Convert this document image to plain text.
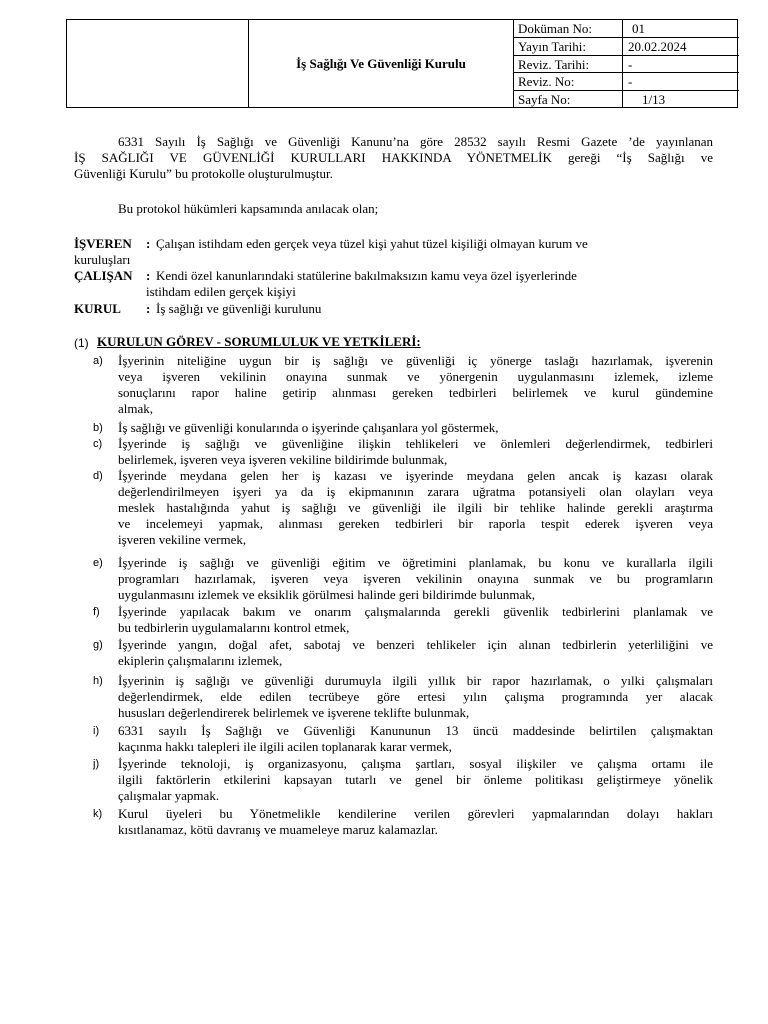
İş Sağlığı Ve Güvenliği Kurulu
Doküman No:	01
Yayın Tarihi:	20.02.2024
Reviz. Tarihi:	-
Reviz. No:	-
Sayfa No:	1/13
6331 Sayılı İş Sağlığı ve Güvenliği Kanunu’na göre 28532 sayılı Resmi Gazete ’de yayınlanan
İŞ SAĞLIĞI VE GÜVENLİĞİ KURULLARI HAKKINDA YÖNETMELİK gereği “İş Sağlığı ve
Güvenliği Kurulu” bu protokolle oluşturulmuştur.
Bu protokol hükümleri kapsamında anılacak olan;
İŞVEREN : Çalışan istihdam eden gerçek veya tüzel kişi yahut tüzel kişiliği olmayan kurum ve
kuruluşları
ÇALIŞAN : Kendi özel kanunlarındaki statülerine bakılmaksızın kamu veya özel işyerlerinde
istihdam edilen gerçek kişiyi
KURUL : İş sağlığı ve güvenliği kurulunu
(1) KURULUN GÖREV - SORUMLULUK VE YETKİLERİ:
a) İşyerinin niteliğine uygun bir iş sağlığı ve güvenliği iç yönerge taslağı hazırlamak, işverenin
veya işveren vekilinin onayına sunmak ve yönergenin uygulanmasını izlemek, izleme
sonuçlarını rapor haline getirip alınması gereken tedbirleri belirlemek ve kurul gündemine
almak,
b) İş sağlığı ve güvenliği konularında o işyerinde çalışanlara yol göstermek,
c) İşyerinde iş sağlığı ve güvenliğine ilişkin tehlikeleri ve önlemleri değerlendirmek, tedbirleri
belirlemek, işveren veya işveren vekiline bildirimde bulunmak,
d) İşyerinde meydana gelen her iş kazası ve işyerinde meydana gelen ancak iş kazası olarak
değerlendirilmeyen işyeri ya da iş ekipmanının zarara uğratma potansiyeli olan olayları veya
meslek hastalığında yahut iş sağlığı ve güvenliği ile ilgili bir tehlike halinde gerekli araştırma
ve incelemeyi yapmak, alınması gereken tedbirleri bir raporla tespit ederek işveren veya
işveren vekiline vermek,
e) İşyerinde iş sağlığı ve güvenliği eğitim ve öğretimini planlamak, bu konu ve kurallarla ilgili
programları hazırlamak, işveren veya işveren vekilinin onayına sunmak ve bu programların
uygulanmasını izlemek ve eksiklik görülmesi halinde geri bildirimde bulunmak,
f) İşyerinde yapılacak bakım ve onarım çalışmalarında gerekli güvenlik tedbirlerini planlamak ve
bu tedbirlerin uygulamalarını kontrol etmek,
g) İşyerinde yangın, doğal afet, sabotaj ve benzeri tehlikeler için alınan tedbirlerin yeterliliğini ve
ekiplerin çalışmalarını izlemek,
h) İşyerinin iş sağlığı ve güvenliği durumuyla ilgili yıllık bir rapor hazırlamak, o yılki çalışmaları
değerlendirmek, elde edilen tecrübeye göre ertesi yılın çalışma programında yer alacak
hususları değerlendirerek belirlemek ve işverene teklifte bulunmak,
i) 6331 sayılı İş Sağlığı ve Güvenliği Kanununun 13 üncü maddesinde belirtilen çalışmaktan
kaçınma hakkı talepleri ile ilgili acilen toplanarak karar vermek,
j) İşyerinde teknoloji, iş organizasyonu, çalışma şartları, sosyal ilişkiler ve çalışma ortamı ile
ilgili faktörlerin etkilerini kapsayan tutarlı ve genel bir önleme politikası geliştirmeye yönelik
çalışmalar yapmak.
k) Kurul üyeleri bu Yönetmelikle kendilerine verilen görevleri yapmalarından dolayı hakları
kısıtlanamaz, kötü davranış ve muameleye maruz kalamazlar.
